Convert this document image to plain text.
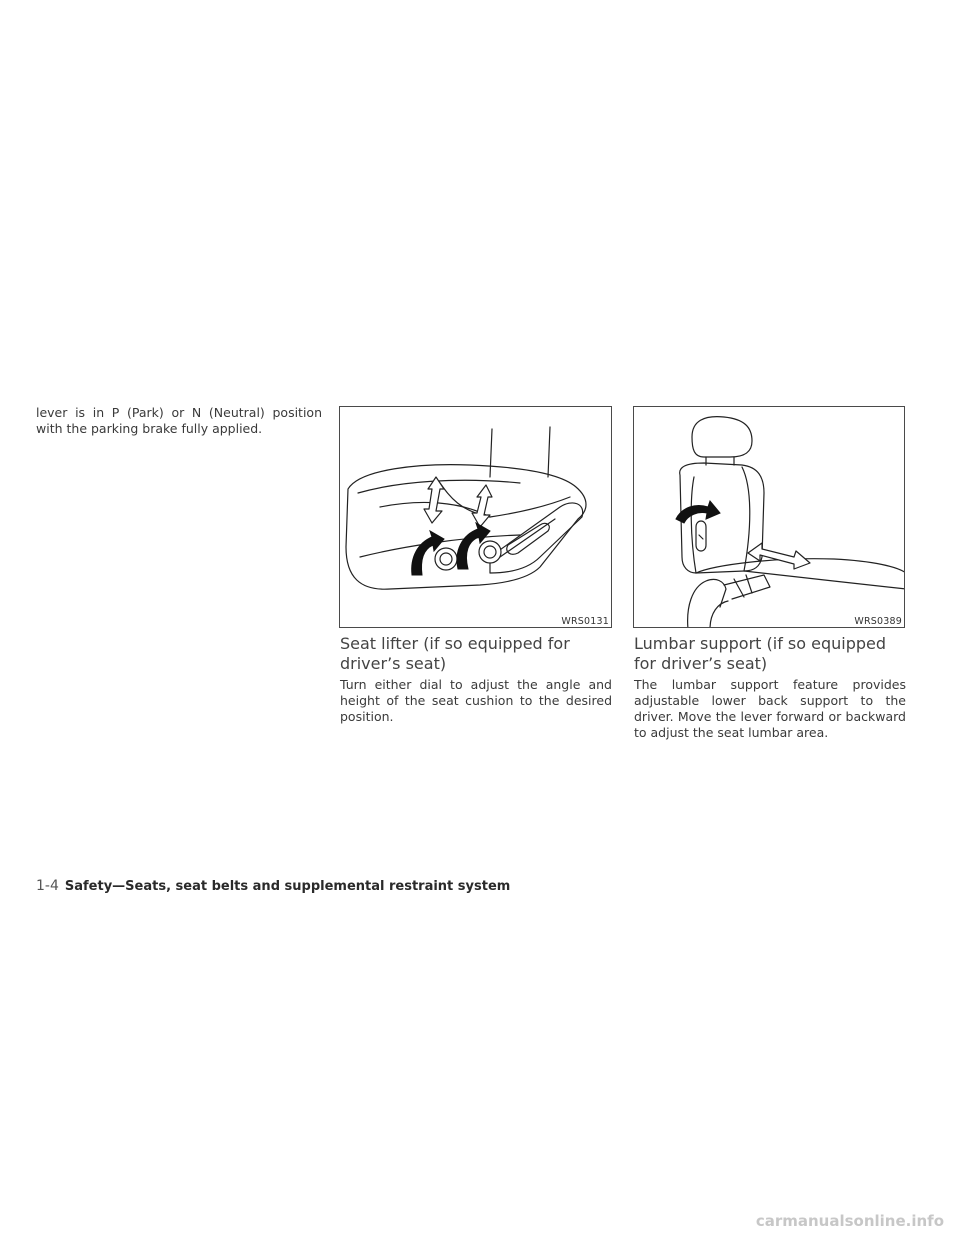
lever is in P (Park) or N (Neutral) position with the parking brake fully applied.

WRS0131	WRS0389
Seat lifter (if so equipped for driver’s seat)

Turn either dial to adjust the angle and height of the seat cushion to the desired position.

Lumbar support (if so equipped for driver’s seat)

The lumbar support feature provides adjustable lower back support to the driver. Move the lever forward or backward to adjust the seat lumbar area.

1-4 Safety—Seats, seat belts and supplemental restraint system
carmanualsonline.info
